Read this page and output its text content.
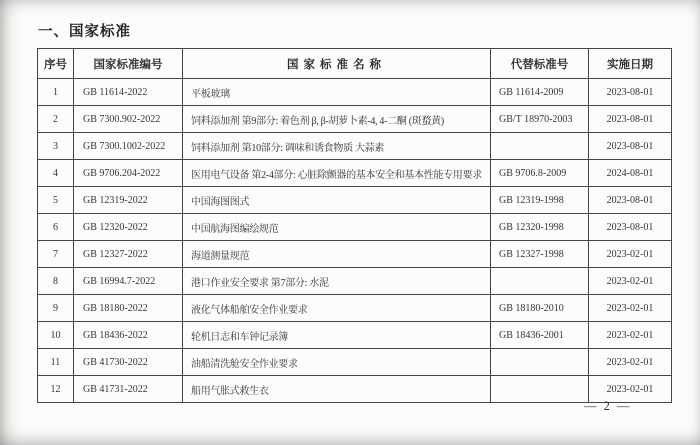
一、国家标准
序号	国家标准编号	国家标准名称	代替标准号	实施日期
1	GB 11614-2022	平板玻璃	GB 11614-2009	2023-08-01
2	GB 7300.902-2022	饲料添加剂 第9部分: 着色剂 β, β-胡萝卜素-4, 4-二酮 (斑蝥黄)	GB/T 18970-2003	2023-08-01
3	GB 7300.1002-2022	饲料添加剂 第10部分: 调味和诱食物质 大蒜素		2023-08-01
4	GB 9706.204-2022	医用电气设备 第2-4部分: 心脏除颤器的基本安全和基本性能专用要求	GB 9706.8-2009	2024-08-01
5	GB 12319-2022	中国海图图式	GB 12319-1998	2023-08-01
6	GB 12320-2022	中国航海图编绘规范	GB 12320-1998	2023-08-01
7	GB 12327-2022	海道测量规范	GB 12327-1998	2023-02-01
8	GB 16994.7-2022	港口作业安全要求 第7部分: 水泥		2023-02-01
9	GB 18180-2022	液化气体船舶安全作业要求	GB 18180-2010	2023-02-01
10	GB 18436-2022	轮机日志和车钟记录簿	GB 18436-2001	2023-02-01
11	GB 41730-2022	油船清洗舱安全作业要求		2023-02-01
12	GB 41731-2022	船用气胀式救生衣		2023-02-01
— 2 —
